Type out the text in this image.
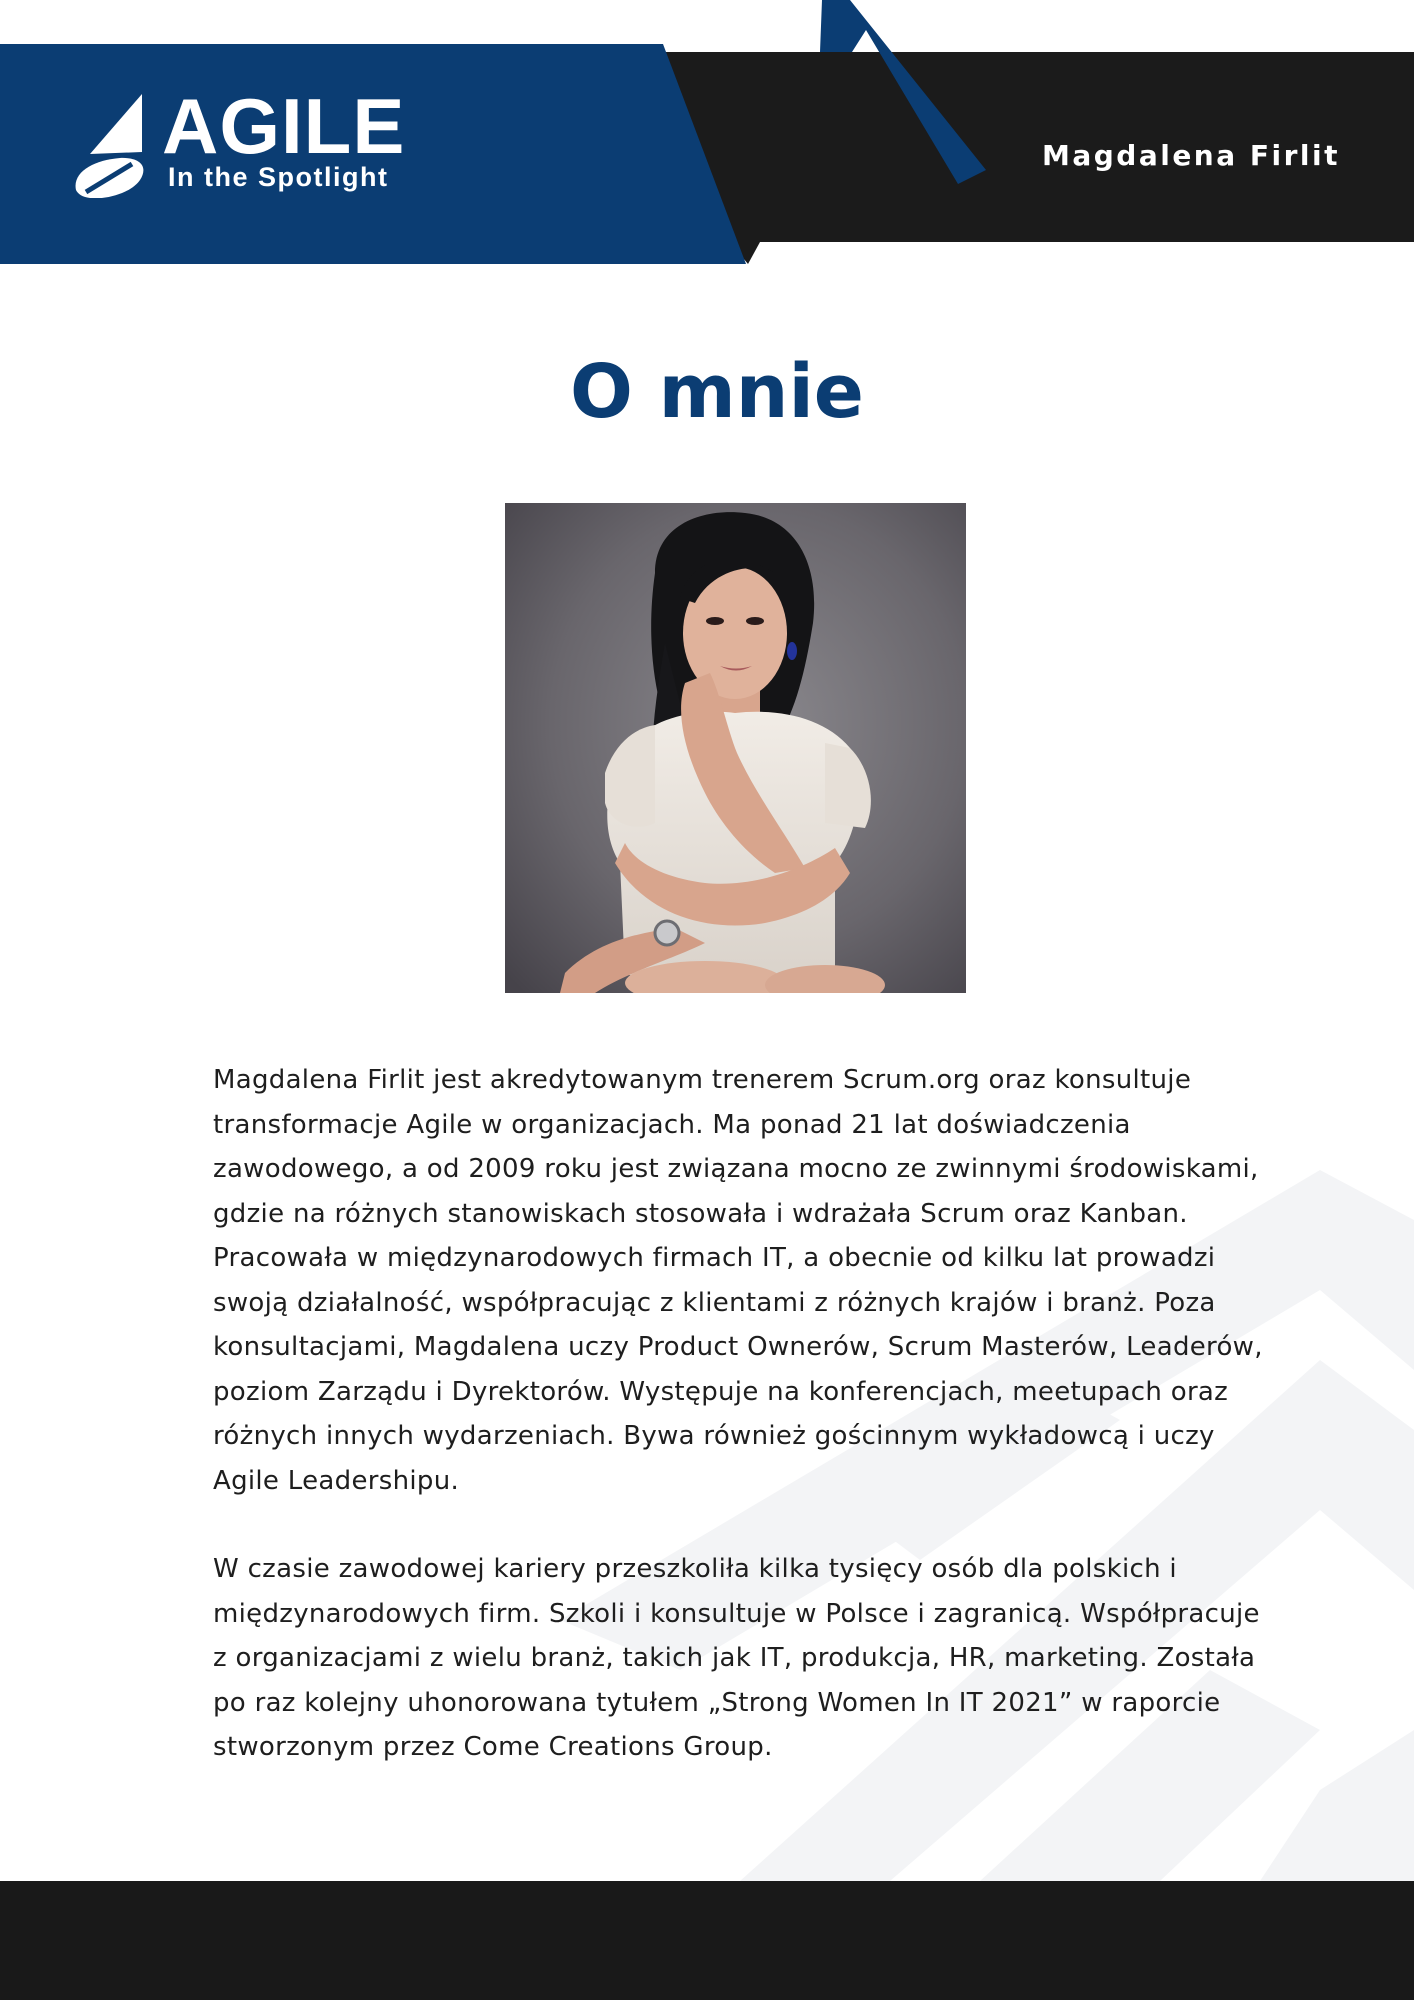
AGILE
In the Spotlight
Magdalena Firlit
O mnie

Magdalena Firlit jest akredytowanym trenerem Scrum.org oraz konsultuje transformacje Agile w organizacjach. Ma ponad 21 lat doświadczenia zawodowego, a od 2009 roku jest związana mocno ze zwinnymi środowiskami, gdzie na różnych stanowiskach stosowała i wdrażała Scrum oraz Kanban. Pracowała w międzynarodowych firmach IT, a obecnie od kilku lat prowadzi swoją działalność, współpracując z klientami z różnych krajów i branż. Poza konsultacjami, Magdalena uczy Product Ownerów, Scrum Masterów, Leaderów, poziom Zarządu i Dyrektorów. Występuje na konferencjach, meetupach oraz różnych innych wydarzeniach. Bywa również gościnnym wykładowcą i uczy Agile Leadershipu.

W czasie zawodowej kariery przeszkoliła kilka tysięcy osób dla polskich i międzynarodowych firm. Szkoli i konsultuje w Polsce i zagranicą. Współpracuje z organizacjami z wielu branż, takich jak IT, produkcja, HR, marketing. Została po raz kolejny uhonorowana tytułem „Strong Women In IT 2021” w raporcie stworzonym przez Come Creations Group.
